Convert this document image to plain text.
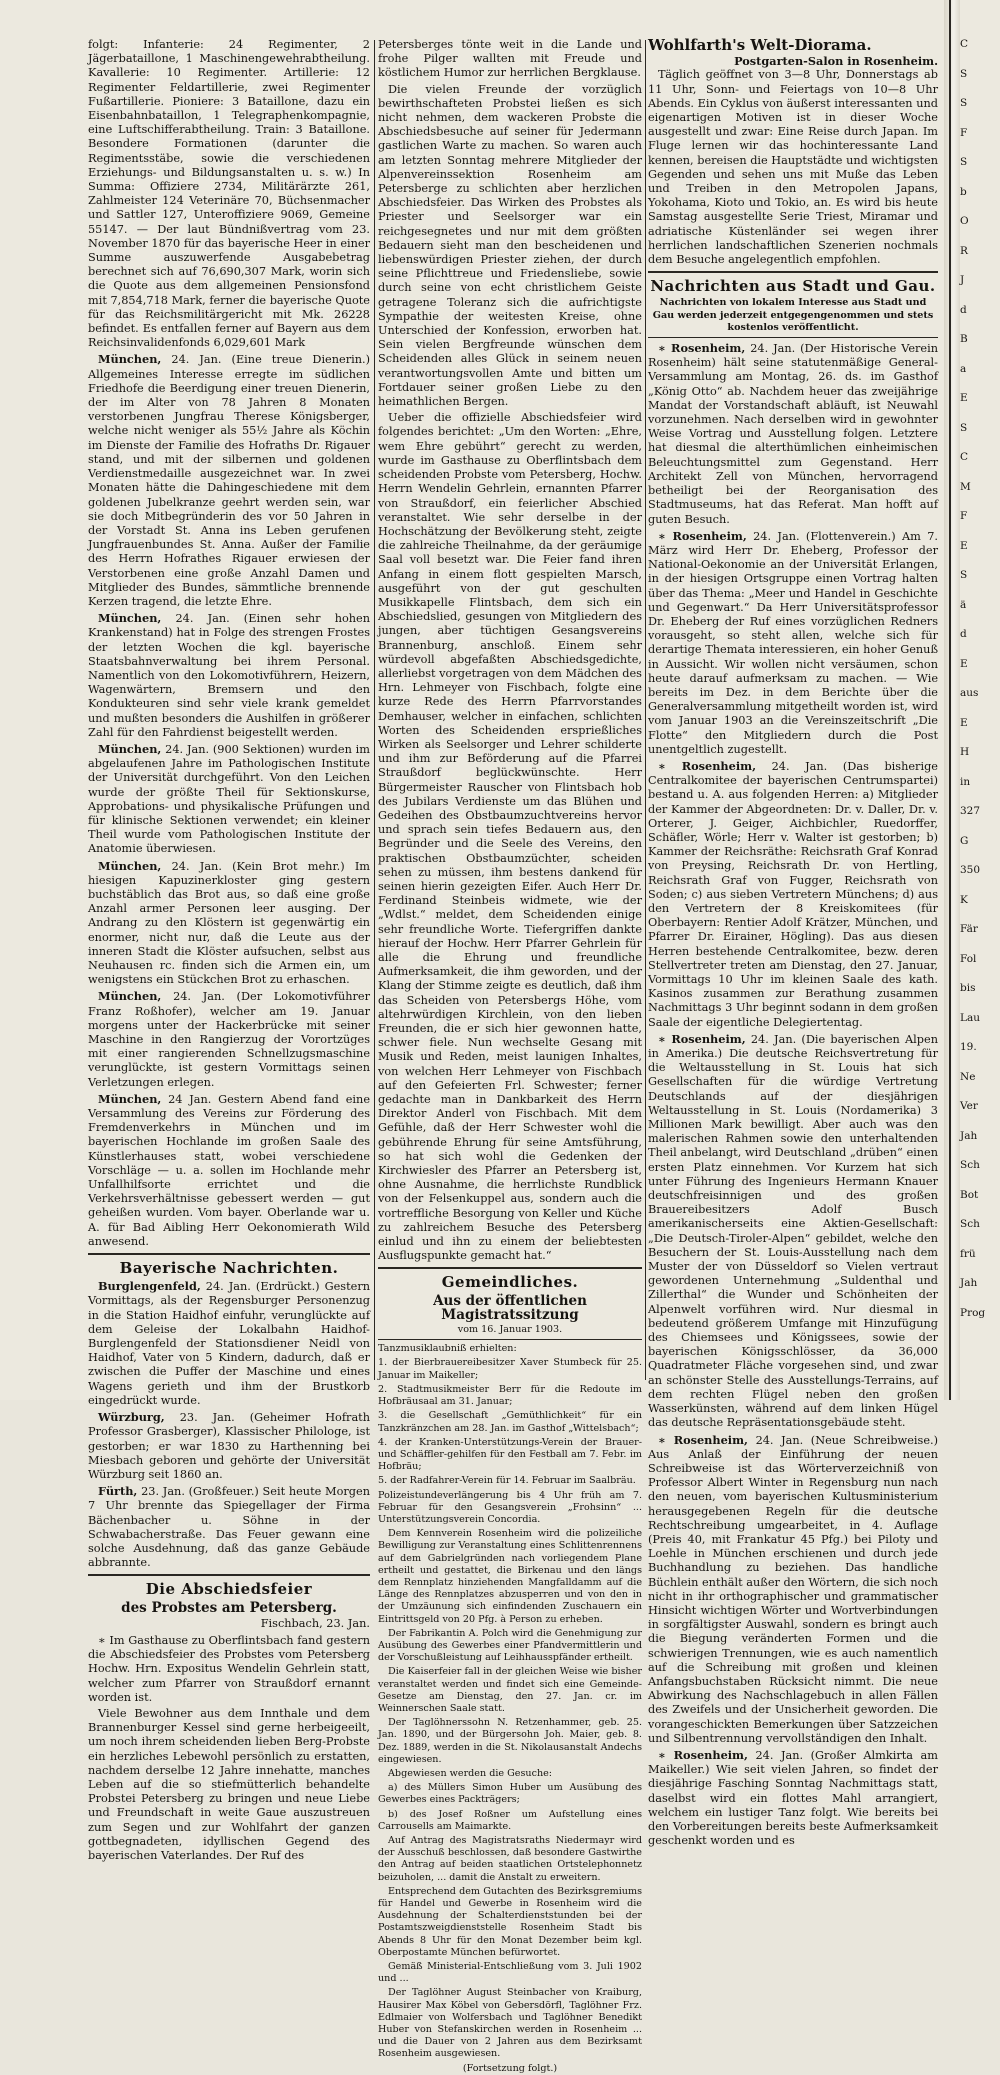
folgt: Infanterie: 24 Regimenter, 2 Jägerbataillone, 1 Maschinengewehrabtheilung. Kavallerie: 10 Regimenter. Artillerie: 12 Regimenter Feldartillerie, zwei Regimenter Fußartillerie. Pioniere: 3 Bataillone, dazu ein Eisenbahnbataillon, 1 Telegraphenkompagnie, eine Luftschifferabtheilung. Train: 3 Bataillone. Besondere Formationen (darunter die Regimentsstäbe, sowie die verschiedenen Erziehungs- und Bildungsanstalten u. s. w.) In Summa: Offiziere 2734, Militärärzte 261, Zahlmeister 124 Veterinäre 70, Büchsenmacher und Sattler 127, Unteroffiziere 9069, Gemeine 55147. — Der laut Bündnißvertrag vom 23. November 1870 für das bayerische Heer in einer Summe auszuwerfende Ausgabebetrag berechnet sich auf 76,690,307 Mark, worin sich die Quote aus dem allgemeinen Pensionsfond mit 7,854,718 Mark, ferner die bayerische Quote für das Reichsmilitärgericht mit Mk. 26228 befindet. Es entfallen ferner auf Bayern aus dem Reichsinvalidenfonds 6,029,601 Mark

München, 24. Jan. (Eine treue Dienerin.) Allgemeines Interesse erregte im südlichen Friedhofe die Beerdigung einer treuen Dienerin, der im Alter von 78 Jahren 8 Monaten verstorbenen Jungfrau Therese Königsberger, welche nicht weniger als 55½ Jahre als Köchin im Dienste der Familie des Hofraths Dr. Rigauer stand, und mit der silbernen und goldenen Verdienstmedaille ausgezeichnet war. In zwei Monaten hätte die Dahingeschiedene mit dem goldenen Jubelkranze geehrt werden sein, war sie doch Mitbegründerin des vor 50 Jahren in der Vorstadt St. Anna ins Leben gerufenen Jungfrauenbundes St. Anna. Außer der Familie des Herrn Hofrathes Rigauer erwiesen der Verstorbenen eine große Anzahl Damen und Mitglieder des Bundes, sämmtliche brennende Kerzen tragend, die letzte Ehre.

München, 24. Jan. (Einen sehr hohen Krankenstand) hat in Folge des strengen Frostes der letzten Wochen die kgl. bayerische Staatsbahnverwaltung bei ihrem Personal. Namentlich von den Lokomotivführern, Heizern, Wagenwärtern, Bremsern und den Kondukteuren sind sehr viele krank gemeldet und mußten besonders die Aushilfen in größerer Zahl für den Fahrdienst beigestellt werden.

München, 24. Jan. (900 Sektionen) wurden im abgelaufenen Jahre im Pathologischen Institute der Universität durchgeführt. Von den Leichen wurde der größte Theil für Sektionskurse, Approbations- und physikalische Prüfungen und für klinische Sektionen verwendet; ein kleiner Theil wurde vom Pathologischen Institute der Anatomie überwiesen.

München, 24. Jan. (Kein Brot mehr.) Im hiesigen Kapuzinerkloster ging gestern buchstäblich das Brot aus, so daß eine große Anzahl armer Personen leer ausging. Der Andrang zu den Klöstern ist gegenwärtig ein enormer, nicht nur, daß die Leute aus der inneren Stadt die Klöster aufsuchen, selbst aus Neuhausen rc. finden sich die Armen ein, um wenigstens ein Stückchen Brot zu erhaschen.

München, 24. Jan. (Der Lokomotivführer Franz Roßhofer), welcher am 19. Januar morgens unter der Hackerbrücke mit seiner Maschine in den Rangierzug der Vorortzüges mit einer rangierenden Schnellzugsmaschine verunglückte, ist gestern Vormittags seinen Verletzungen erlegen.

München, 24 Jan. Gestern Abend fand eine Versammlung des Vereins zur Förderung des Fremdenverkehrs in München und im bayerischen Hochlande im großen Saale des Künstlerhauses statt, wobei verschiedene Vorschläge — u. a. sollen im Hochlande mehr Unfallhilfsorte errichtet und die Verkehrsverhältnisse gebessert werden — gut geheißen wurden. Vom bayer. Oberlande war u. A. für Bad Aibling Herr Oekonomierath Wild anwesend.

Bayerische Nachrichten.

Burglengenfeld, 24. Jan. (Erdrückt.) Gestern Vormittags, als der Regensburger Personenzug in die Station Haidhof einfuhr, verunglückte auf dem Geleise der Lokalbahn Haidhof-Burglengenfeld der Stationsdiener Neidl von Haidhof, Vater von 5 Kindern, dadurch, daß er zwischen die Puffer der Maschine und eines Wagens gerieth und ihm der Brustkorb eingedrückt wurde.

Würzburg, 23. Jan. (Geheimer Hofrath Professor Grasberger), Klassischer Philologe, ist gestorben; er war 1830 zu Harthenning bei Miesbach geboren und gehörte der Universität Würzburg seit 1860 an.

Fürth, 23. Jan. (Großfeuer.) Seit heute Morgen 7 Uhr brennte das Spiegellager der Firma Bächenbacher u. Söhne in der Schwabacherstraße. Das Feuer gewann eine solche Ausdehnung, daß das ganze Gebäude abbrannte.

Die Abschiedsfeier
des Probstes am Petersberg.
Fischbach, 23. Jan.

∗ Im Gasthause zu Oberflintsbach fand gestern die Abschiedsfeier des Probstes vom Petersberg Hochw. Hrn. Expositus Wendelin Gehrlein statt, welcher zum Pfarrer von Straußdorf ernannt worden ist.

Viele Bewohner aus dem Innthale und dem Brannenburger Kessel sind gerne herbeigeeilt, um noch ihrem scheidenden lieben Berg-Probste ein herzliches Lebewohl persönlich zu erstatten, nachdem derselbe 12 Jahre innehatte, manches Leben auf die so stiefmütterlich behandelte Probstei Petersberg zu bringen und neue Liebe und Freundschaft in weite Gaue auszustreuen zum Segen und zur Wohlfahrt der ganzen gottbegnadeten, idyllischen Gegend des bayerischen Vaterlandes. Der Ruf des

Petersberges tönte weit in die Lande und frohe Pilger wallten mit Freude und köstlichem Humor zur herrlichen Bergklause.

Die vielen Freunde der vorzüglich bewirthschafteten Probstei ließen es sich nicht nehmen, dem wackeren Probste die Abschiedsbesuche auf seiner für Jedermann gastlichen Warte zu machen. So waren auch am letzten Sonntag mehrere Mitglieder der Alpenvereinssektion Rosenheim am Petersberge zu schlichten aber herzlichen Abschiedsfeier. Das Wirken des Probstes als Priester und Seelsorger war ein reichgesegnetes und nur mit dem größten Bedauern sieht man den bescheidenen und liebenswürdigen Priester ziehen, der durch seine Pflichttreue und Friedensliebe, sowie durch seine von echt christlichem Geiste getragene Toleranz sich die aufrichtigste Sympathie der weitesten Kreise, ohne Unterschied der Konfession, erworben hat. Sein vielen Bergfreunde wünschen dem Scheidenden alles Glück in seinem neuen verantwortungsvollen Amte und bitten um Fortdauer seiner großen Liebe zu den heimathlichen Bergen.

Ueber die offizielle Abschiedsfeier wird folgendes berichtet: „Um den Worten: „Ehre, wem Ehre gebührt“ gerecht zu werden, wurde im Gasthause zu Oberflintsbach dem scheidenden Probste vom Petersberg, Hochw. Herrn Wendelin Gehrlein, ernannten Pfarrer von Straußdorf, ein feierlicher Abschied veranstaltet. Wie sehr derselbe in der Hochschätzung der Bevölkerung steht, zeigte die zahlreiche Theilnahme, da der geräumige Saal voll besetzt war. Die Feier fand ihren Anfang in einem flott gespielten Marsch, ausgeführt von der gut geschulten Musikkapelle Flintsbach, dem sich ein Abschiedslied, gesungen von Mitgliedern des jungen, aber tüchtigen Gesangsvereins Brannenburg, anschloß. Einem sehr würdevoll abgefaßten Abschiedsgedichte, allerliebst vorgetragen von dem Mädchen des Hrn. Lehmeyer von Fischbach, folgte eine kurze Rede des Herrn Pfarrvorstandes Demhauser, welcher in einfachen, schlichten Worten des Scheidenden ersprießliches Wirken als Seelsorger und Lehrer schilderte und ihm zur Beförderung auf die Pfarrei Straußdorf beglückwünschte. Herr Bürgermeister Rauscher von Flintsbach hob des Jubilars Verdienste um das Blühen und Gedeihen des Obstbaumzuchtvereins hervor und sprach sein tiefes Bedauern aus, den Begründer und die Seele des Vereins, den praktischen Obstbaumzüchter, scheiden sehen zu müssen, ihm bestens dankend für seinen hierin gezeigten Eifer. Auch Herr Dr. Ferdinand Steinbeis widmete, wie der „Wdlst.“ meldet, dem Scheidenden einige sehr freundliche Worte. Tiefergriffen dankte hierauf der Hochw. Herr Pfarrer Gehrlein für alle die Ehrung und freundliche Aufmerksamkeit, die ihm geworden, und der Klang der Stimme zeigte es deutlich, daß ihm das Scheiden von Petersbergs Höhe, vom altehrwürdigen Kirchlein, von den lieben Freunden, die er sich hier gewonnen hatte, schwer fiele. Nun wechselte Gesang mit Musik und Reden, meist launigen Inhaltes, von welchen Herr Lehmeyer von Fischbach auf den Gefeierten Frl. Schwester; ferner gedachte man in Dankbarkeit des Herrn Direktor Anderl von Fischbach. Mit dem Gefühle, daß der Herr Schwester wohl die gebührende Ehrung für seine Amtsführung, so hat sich wohl die Gedenken der Kirchwiesler des Pfarrer an Petersberg ist, ohne Ausnahme, die herrlichste Rundblick von der Felsenkuppel aus, sondern auch die vortreffliche Besorgung von Keller und Küche zu zahlreichem Besuche des Petersberg einlud und ihn zu einem der beliebtesten Ausflugspunkte gemacht hat.“

Gemeindliches.
Aus der öffentlichen Magistratssitzung
vom 16. Januar 1903.

Tanzmusiklaubniß erhielten:

1. der Bierbrauereibesitzer Xaver Stumbeck für 25. Januar im Maikeller;

2. Stadtmusikmeister Berr für die Redoute im Hofbräusaal am 31. Januar;

3. die Gesellschaft „Gemüthlichkeit“ für ein Tanzkränzchen am 28. Jan. im Gasthof „Wittelsbach“;

4. der Kranken-Unterstützungs-Verein der Brauer- und Schäffler-gehilfen für den Festball am 7. Febr. im Hofbräu;

5. der Radfahrer-Verein für 14. Februar im Saalbräu.

Polizeistundeverlängerung bis 4 Uhr früh am 7. Februar für den Gesangsverein „Frohsinn“ ... Unterstützungsverein Concordia.

Dem Kennverein Rosenheim wird die polizeiliche Bewilligung zur Veranstaltung eines Schlittenrennens auf dem Gabrielgründen nach vorliegendem Plane ertheilt und gestattet, die Birkenau und den längs dem Rennplatz hinziehenden Mangfalldamm auf die Länge des Rennplatzes abzusperren und von den in der Umzäunung sich einfindenden Zuschauern ein Eintrittsgeld von 20 Pfg. à Person zu erheben.

Der Fabrikantin A. Polch wird die Genehmigung zur Ausübung des Gewerbes einer Pfandvermittlerin und der Vorschußleistung auf Leihhausspfänder ertheilt.

Die Kaiserfeier fall in der gleichen Weise wie bisher veranstaltet werden und findet sich eine Gemeinde-Gesetze am Dienstag, den 27. Jan. cr. im Weinnerschen Saale statt.

Der Taglöhnerssohn N. Retzenhammer, geb. 25. Jan. 1890, und der Bürgersohn Joh. Maier, geb. 8. Dez. 1889, werden in die St. Nikolausanstalt Andechs eingewiesen.

Abgewiesen werden die Gesuche:

a) des Müllers Simon Huber um Ausübung des Gewerbes eines Packträgers;

b) des Josef Roßner um Aufstellung eines Carrousells am Maimarkte.

Auf Antrag des Magistratsraths Niedermayr wird der Ausschuß beschlossen, daß besondere Gastwirthe den Antrag auf beiden staatlichen Ortstelephonnetz beizuholen, ... damit die Anstalt zu erweitern.

Entsprechend dem Gutachten des Bezirksgremiums für Handel und Gewerbe in Rosenheim wird die Ausdehnung der Schalterdienststunden bei der Postamtszweigdienststelle Rosenheim Stadt bis Abends 8 Uhr für den Monat Dezember beim kgl. Oberpostamte München befürwortet.

Gemäß Ministerial-Entschließung vom 3. Juli 1902 und ...

Der Taglöhner August Steinbacher von Kraiburg, Hausirer Max Köbel von Gebersdörfl, Taglöhner Frz. Edlmaier von Wolfersbach und Taglöhner Benedikt Huber von Stefanskirchen werden in Rosenheim ... und die Dauer von 2 Jahren aus dem Bezirksamt Rosenheim ausgewiesen.

(Fortsetzung folgt.)

Wohlfarth's Welt-Diorama.
Postgarten-Salon in Rosenheim.

Täglich geöffnet von 3—8 Uhr, Donnerstags ab 11 Uhr, Sonn- und Feiertags von 10—8 Uhr Abends. Ein Cyklus von äußerst interessanten und eigenartigen Motiven ist in dieser Woche ausgestellt und zwar: Eine Reise durch Japan. Im Fluge lernen wir das hochinteressante Land kennen, bereisen die Hauptstädte und wichtigsten Gegenden und sehen uns mit Muße das Leben und Treiben in den Metropolen Japans, Yokohama, Kioto und Tokio, an. Es wird bis heute Samstag ausgestellte Serie Triest, Miramar und adriatische Küstenländer sei wegen ihrer herrlichen landschaftlichen Szenerien nochmals dem Besuche angelegentlich empfohlen.

Nachrichten aus Stadt und Gau.

Nachrichten von lokalem Interesse aus Stadt und Gau werden jederzeit entgegengenommen und stets kostenlos veröffentlicht.

∗ Rosenheim, 24. Jan. (Der Historische Verein Rosenheim) hält seine statutenmäßige General-Versammlung am Montag, 26. ds. im Gasthof „König Otto“ ab. Nachdem heuer das zweijährige Mandat der Vorstandschaft abläuft, ist Neuwahl vorzunehmen. Nach derselben wird in gewohnter Weise Vortrag und Ausstellung folgen. Letztere hat diesmal die alterthümlichen einheimischen Beleuchtungsmittel zum Gegenstand. Herr Architekt Zell von München, hervorragend betheiligt bei der Reorganisation des Stadtmuseums, hat das Referat. Man hofft auf guten Besuch.

∗ Rosenheim, 24. Jan. (Flottenverein.) Am 7. März wird Herr Dr. Eheberg, Professor der National-Oekonomie an der Universität Erlangen, in der hiesigen Ortsgruppe einen Vortrag halten über das Thema: „Meer und Handel in Geschichte und Gegenwart.“ Da Herr Universitätsprofessor Dr. Eheberg der Ruf eines vorzüglichen Redners vorausgeht, so steht allen, welche sich für derartige Themata interessieren, ein hoher Genuß in Aussicht. Wir wollen nicht versäumen, schon heute darauf aufmerksam zu machen. — Wie bereits im Dez. in dem Berichte über die Generalversammlung mitgetheilt worden ist, wird vom Januar 1903 an die Vereinszeitschrift „Die Flotte“ den Mitgliedern durch die Post unentgeltlich zugestellt.

∗ Rosenheim, 24. Jan. (Das bisherige Centralkomitee der bayerischen Centrumspartei) bestand u. A. aus folgenden Herren: a) Mitglieder der Kammer der Abgeordneten: Dr. v. Daller, Dr. v. Orterer, J. Geiger, Aichbichler, Ruedorffer, Schäfler, Wörle; Herr v. Walter ist gestorben; b) Kammer der Reichsräthe: Reichsrath Graf Konrad von Preysing, Reichsrath Dr. von Hertling, Reichsrath Graf von Fugger, Reichsrath von Soden; c) aus sieben Vertretern Münchens; d) aus den Vertretern der 8 Kreiskomitees (für Oberbayern: Rentier Adolf Krätzer, München, und Pfarrer Dr. Eirainer, Högling). Das aus diesen Herren bestehende Centralkomitee, bezw. deren Stellvertreter treten am Dienstag, den 27. Januar, Vormittags 10 Uhr im kleinen Saale des kath. Kasinos zusammen zur Berathung zusammen Nachmittags 3 Uhr beginnt sodann in dem großen Saale der eigentliche Delegiertentag.

∗ Rosenheim, 24. Jan. (Die bayerischen Alpen in Amerika.) Die deutsche Reichsvertretung für die Weltausstellung in St. Louis hat sich Gesellschaften für die würdige Vertretung Deutschlands auf der diesjährigen Weltausstellung in St. Louis (Nordamerika) 3 Millionen Mark bewilligt. Aber auch was den malerischen Rahmen sowie den unterhaltenden Theil anbelangt, wird Deutschland „drüben“ einen ersten Platz einnehmen. Vor Kurzem hat sich unter Führung des Ingenieurs Hermann Knauer deutschfreisinnigen und des großen Brauereibesitzers Adolf Busch amerikanischerseits eine Aktien-Gesellschaft: „Die Deutsch-Tiroler-Alpen“ gebildet, welche den Besuchern der St. Louis-Ausstellung nach dem Muster der von Düsseldorf so Vielen vertraut gewordenen Unternehmung „Suldenthal und Zillerthal“ die Wunder und Schönheiten der Alpenwelt vorführen wird. Nur diesmal in bedeutend größerem Umfange mit Hinzufügung des Chiemsees und Königssees, sowie der bayerischen Königsschlösser, da 36,000 Quadratmeter Fläche vorgesehen sind, und zwar an schönster Stelle des Ausstellungs-Terrains, auf dem rechten Flügel neben den großen Wasserkünsten, während auf dem linken Hügel das deutsche Repräsentationsgebäude steht.

∗ Rosenheim, 24. Jan. (Neue Schreibweise.) Aus Anlaß der Einführung der neuen Schreibweise ist das Wörterverzeichniß von Professor Albert Winter in Regensburg nun nach den neuen, vom bayerischen Kultusministerium herausgegebenen Regeln für die deutsche Rechtschreibung umgearbeitet, in 4. Auflage (Preis 40, mit Frankatur 45 Pfg.) bei Piloty und Loehle in München erschienen und durch jede Buchhandlung zu beziehen. Das handliche Büchlein enthält außer den Wörtern, die sich noch nicht in ihr orthographischer und grammatischer Hinsicht wichtigen Wörter und Wortverbindungen in sorgfältigster Auswahl, sondern es bringt auch die Biegung veränderten Formen und die schwierigen Trennungen, wie es auch namentlich auf die Schreibung mit großen und kleinen Anfangsbuchstaben Rücksicht nimmt. Die neue Abwirkung des Nachschlagebuch in allen Fällen des Zweifels und der Unsicherheit geworden. Die vorangeschickten Bemerkungen über Satzzeichen und Silbentrennung vervollständigen den Inhalt.

∗ Rosenheim, 24. Jan. (Großer Almkirta am Maikeller.) Wie seit vielen Jahren, so findet der diesjährige Fasching Sonntag Nachmittags statt, daselbst wird ein flottes Mahl arrangiert, welchem ein lustiger Tanz folgt. Wie bereits bei den Vorbereitungen bereits beste Aufmerksamkeit geschenkt worden und es

C

S

S

F

S

b

O

R

J

d

B

a

E

S

C

M

F

E

S

ä

d

E

aus

E

H

in

327

G

350

K

Fär

Fol

bis

Lau

19.

Ne

Ver

Jah

Sch

Bot

Sch

frü

Jah

Prog
